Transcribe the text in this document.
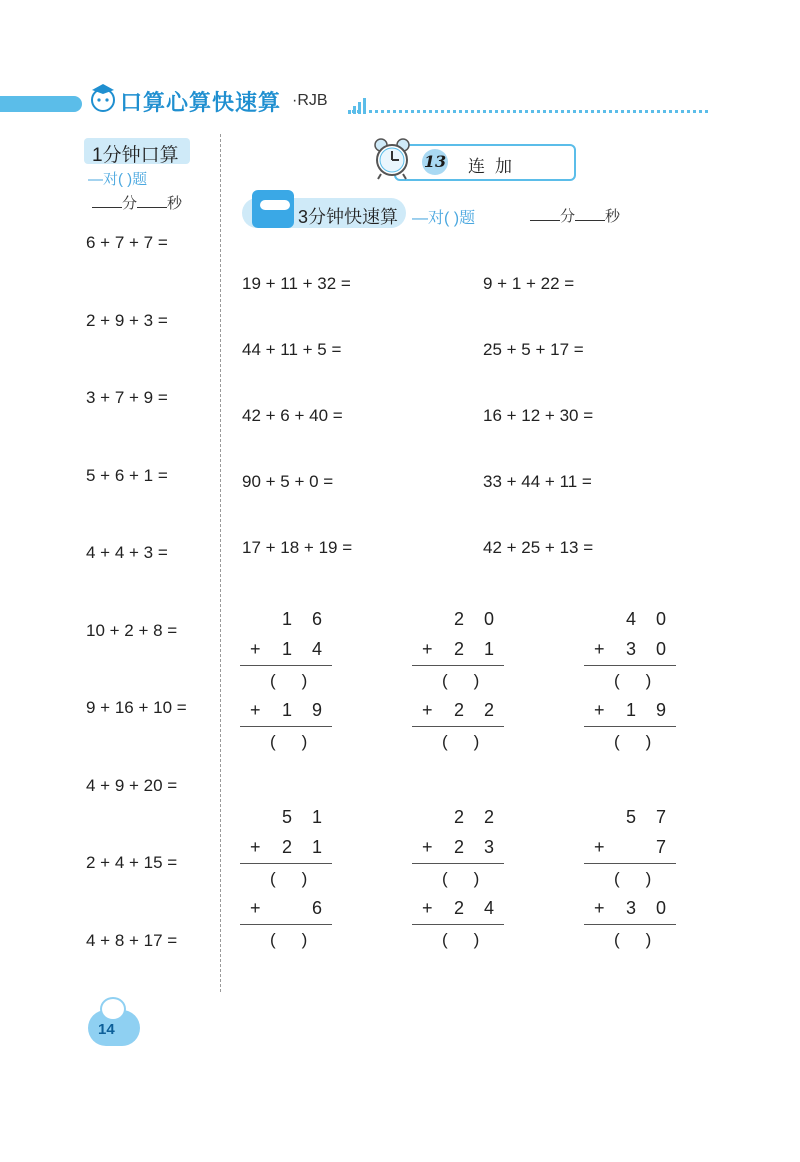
口算心算快速算 ·RJB
1分钟口算
—对( )题
分 秒
6 + 7 + 7 =
2 + 9 + 3 =
3 + 7 + 9 =
5 + 6 + 1 =
4 + 4 + 3 =
10 + 2 + 8 =
9 + 16 + 10 =
4 + 9 + 20 =
2 + 4 + 15 =
4 + 8 + 17 =
13 连加
3分钟快速算 —对( )题	分 秒
19 + 11 + 32 =	9 + 1 + 22 =
44 + 11 + 5 =	25 + 5 + 17 =
42 + 6 + 40 =	16 + 12 + 30 =
90 + 5 + 0 =	33 + 44 + 11 =
17 + 18 + 19 =	42 + 25 + 13 =
1 6
+ 1 4
()
+ 1 9
()
2 0
+ 2 1
()
+ 2 2
()
4 0
+ 3 0
()
+ 1 9
()
5 1
+ 2 1
()
+	6
()
2 2
+ 2 3
()
+ 2 4
()
5 7
+	7
()
+ 3 0
()
14
